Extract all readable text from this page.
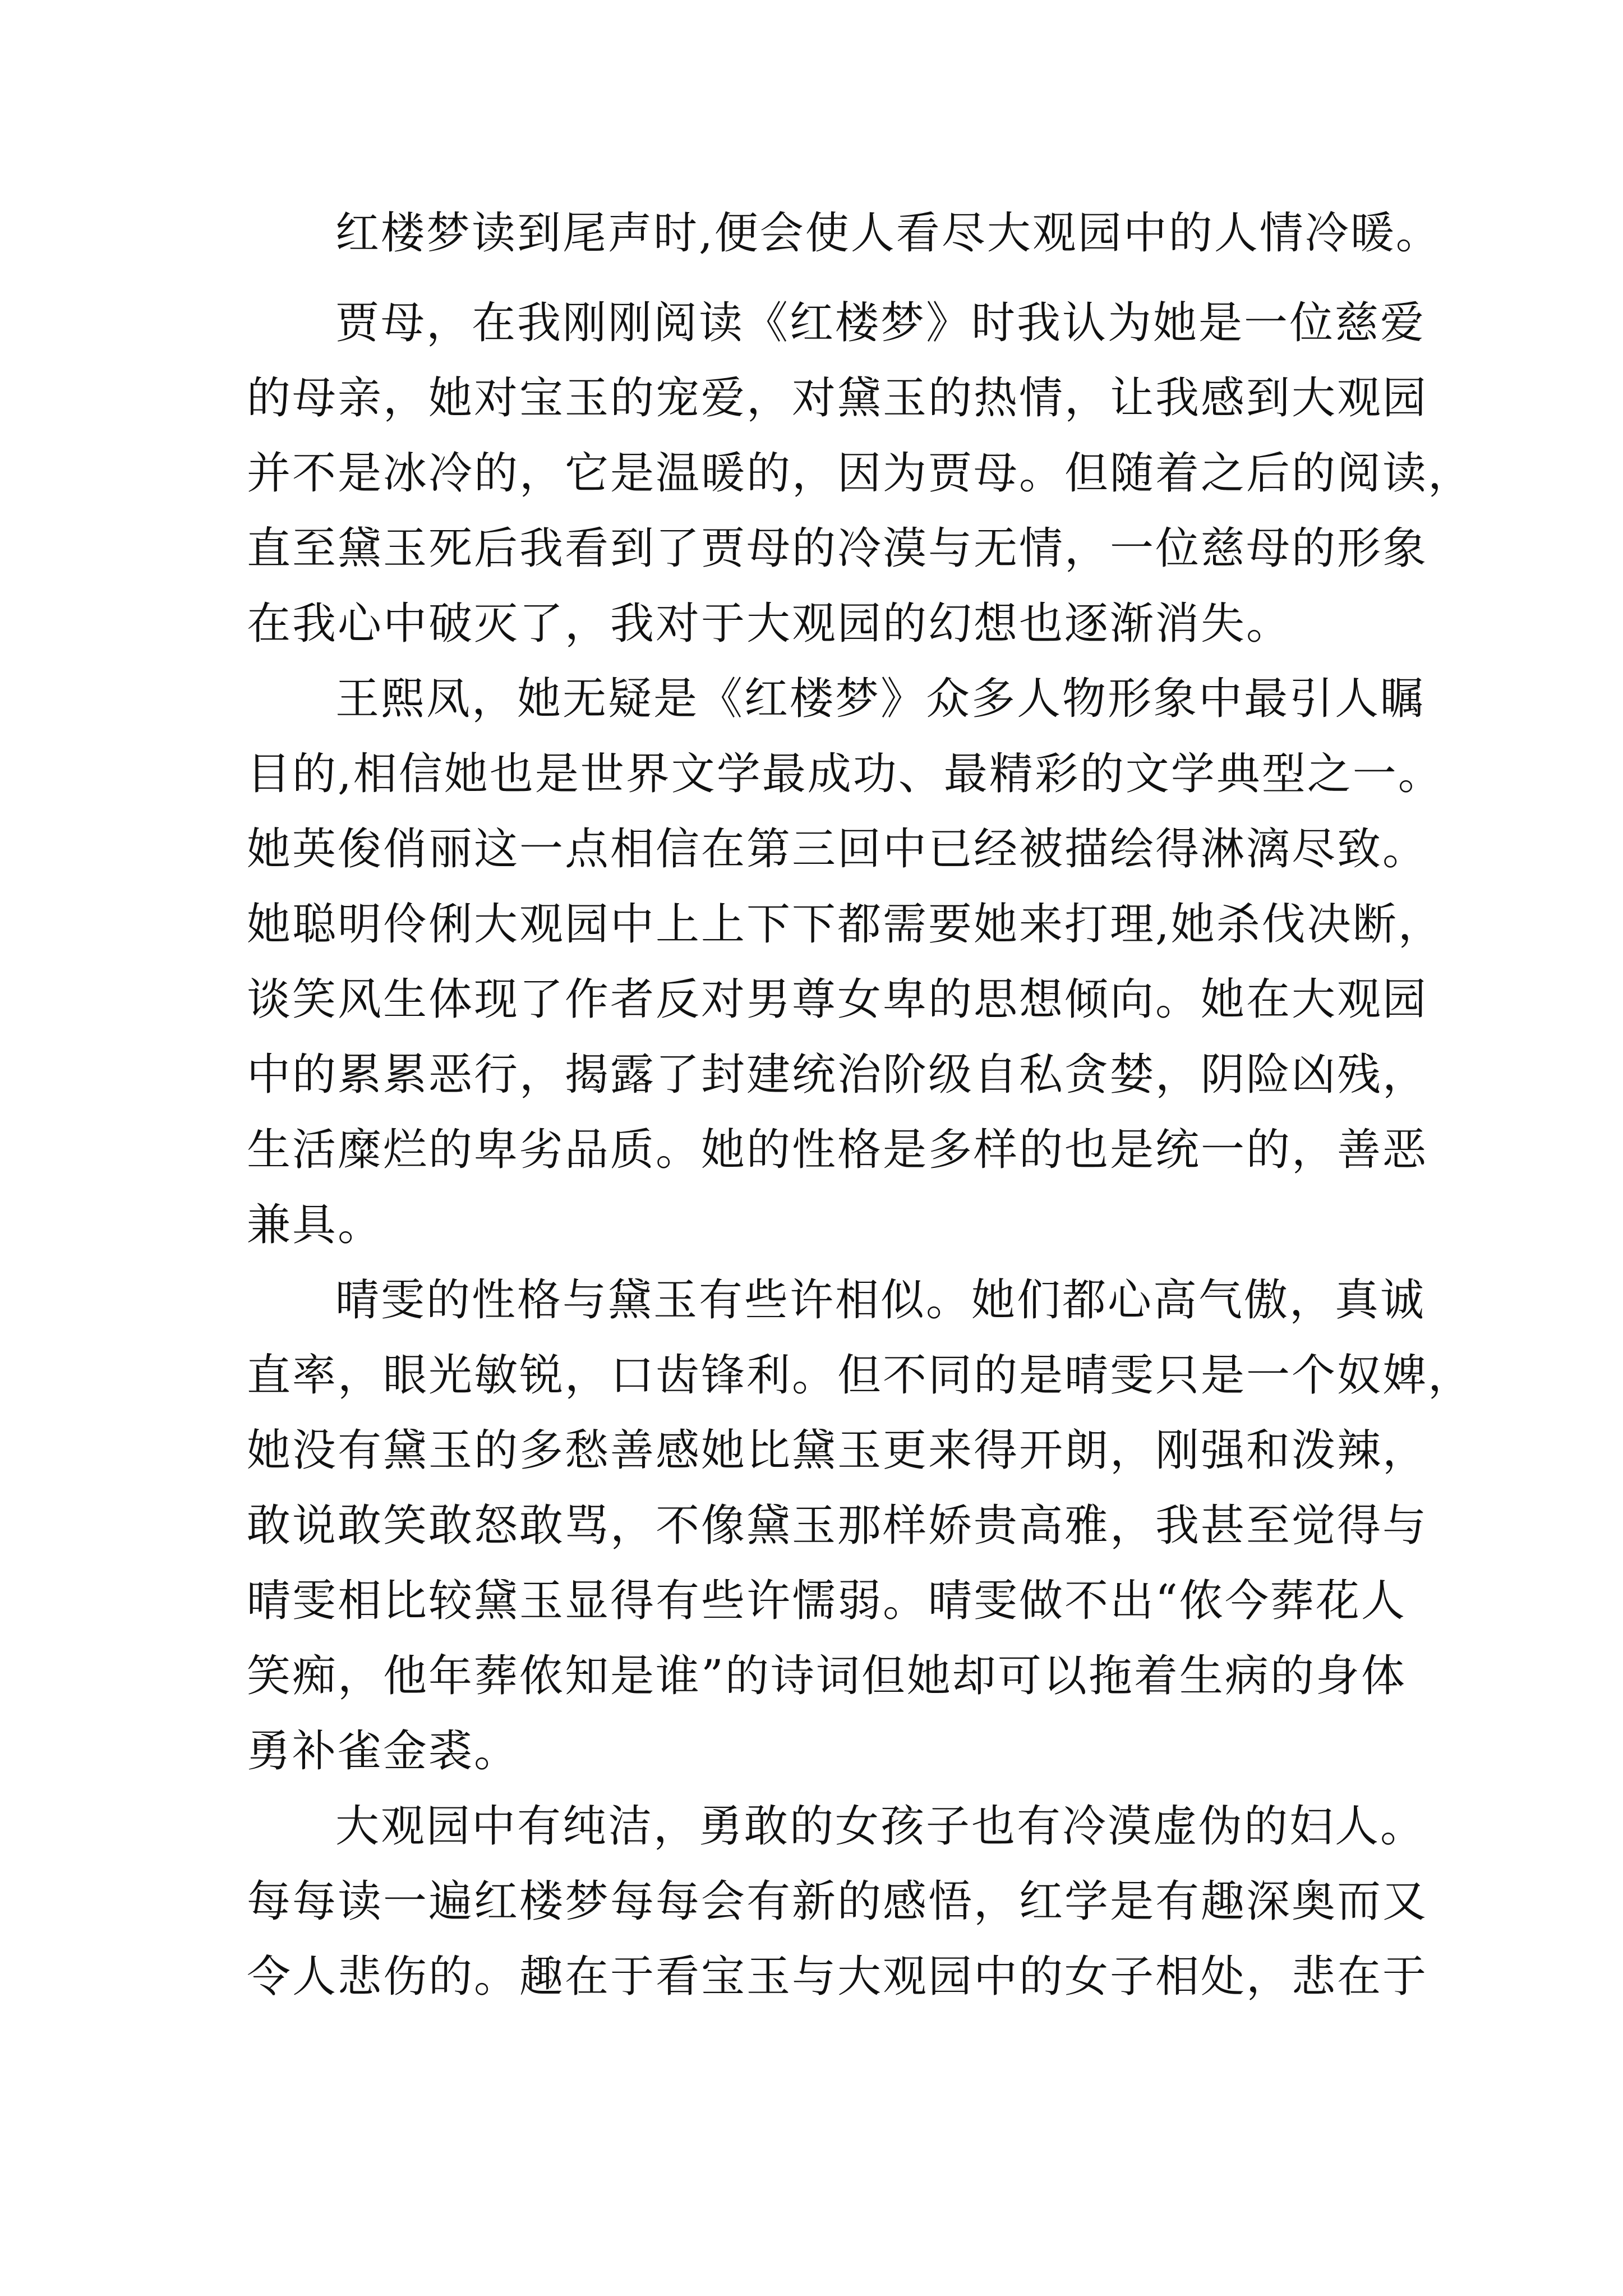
红楼梦读到尾声时,便会使人看尽大观园中的人情冷暖。
贾母，在我刚刚阅读《红楼梦》时我认为她是一位慈爱
的母亲，她对宝玉的宠爱，对黛玉的热情，让我感到大观园
并不是冰冷的，它是温暖的，因为贾母。但随着之后的阅读，
直至黛玉死后我看到了贾母的冷漠与无情，一位慈母的形象
在我心中破灭了，我对于大观园的幻想也逐渐消失。
王熙凤，她无疑是《红楼梦》众多人物形象中最引人瞩
目的,相信她也是世界文学最成功、最精彩的文学典型之一。
她英俊俏丽这一点相信在第三回中已经被描绘得淋漓尽致。
她聪明伶俐大观园中上上下下都需要她来打理,她杀伐决断，
谈笑风生体现了作者反对男尊女卑的思想倾向。她在大观园
中的累累恶行，揭露了封建统治阶级自私贪婪，阴险凶残，
生活糜烂的卑劣品质。她的性格是多样的也是统一的，善恶
兼具。
晴雯的性格与黛玉有些许相似。她们都心高气傲，真诚
直率，眼光敏锐，口齿锋利。但不同的是晴雯只是一个奴婢，
她没有黛玉的多愁善感她比黛玉更来得开朗，刚强和泼辣，
敢说敢笑敢怒敢骂，不像黛玉那样娇贵高雅，我甚至觉得与
晴雯相比较黛玉显得有些许懦弱。晴雯做不出“侬今葬花人
笑痴，他年葬侬知是谁”的诗词但她却可以拖着生病的身体
勇补雀金裘。
大观园中有纯洁，勇敢的女孩子也有冷漠虚伪的妇人。
每每读一遍红楼梦每每会有新的感悟，红学是有趣深奥而又
令人悲伤的。趣在于看宝玉与大观园中的女子相处，悲在于
